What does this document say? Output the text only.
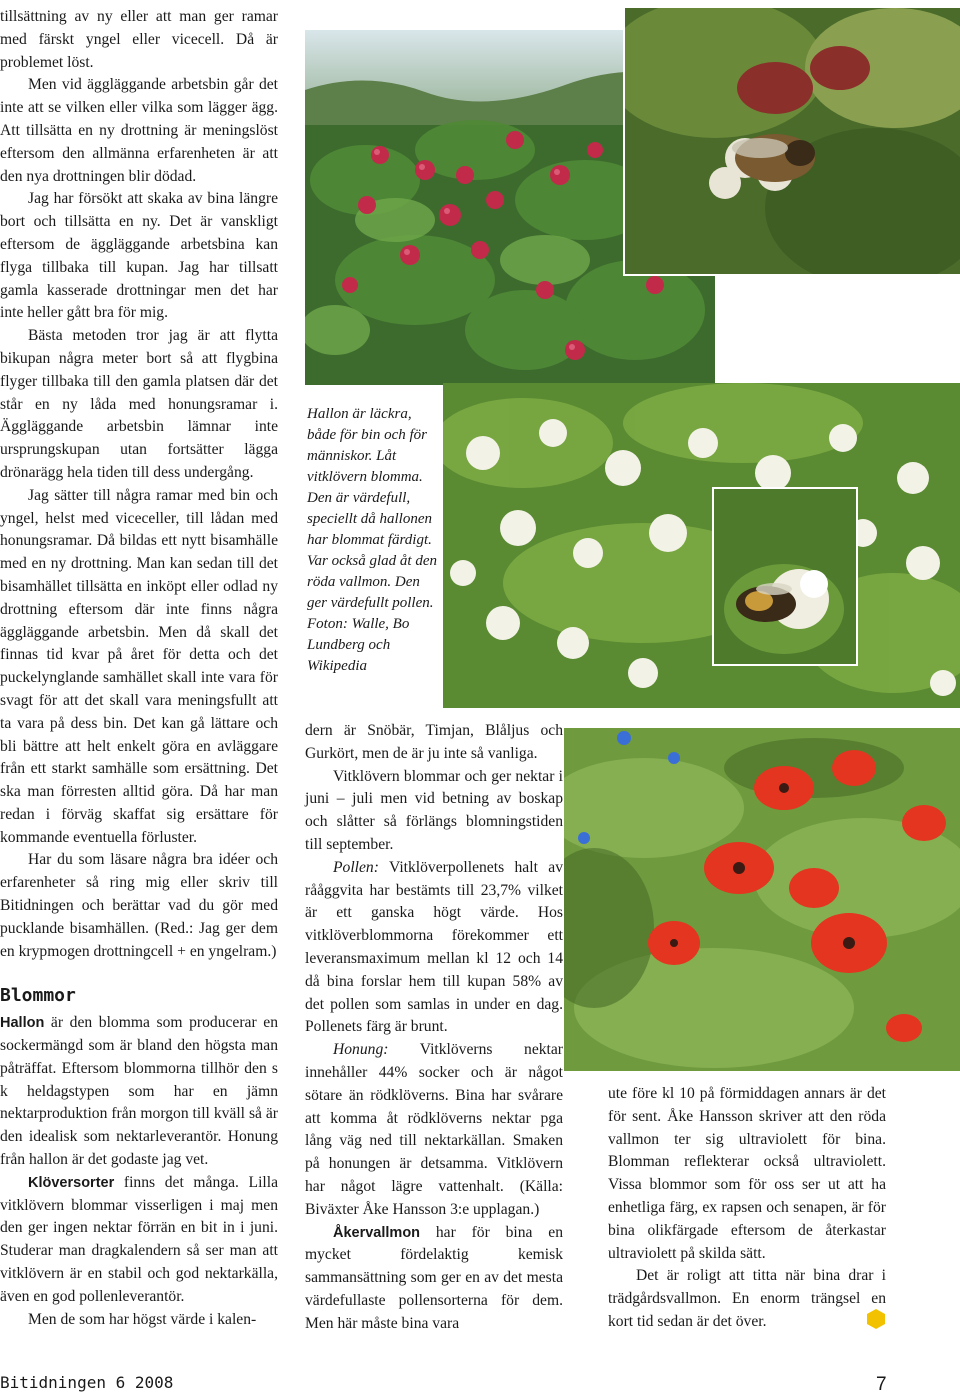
tillsättning av ny eller att man ger ramar med färskt yngel eller vicecell. Då är problemet löst.

Men vid äggläggande arbetsbin går det inte att se vilken eller vilka som lägger ägg. Att tillsätta en ny drottning är meningslöst eftersom den allmänna erfarenheten är att den nya drottningen blir dödad.

Jag har försökt att skaka av bina längre bort och tillsätta en ny. Det är vanskligt eftersom de äggläggande arbetsbina kan flyga tillbaka till kupan. Jag har tillsatt gamla kasserade drottningar men det har inte heller gått bra för mig.

Bästa metoden tror jag är att flytta bikupan några meter bort så att flygbina flyger tillbaka till den gamla platsen där det står en ny låda med honungsramar i. Äggläggande arbetsbin lämnar inte ursprungskupan utan fortsätter lägga drönarägg hela tiden till dess undergång.

Jag sätter till några ramar med bin och yngel, helst med viceceller, till lådan med honungsramar. Då bildas ett nytt bisamhälle med en ny drottning. Man kan sedan till det bisamhället tillsätta en inköpt eller odlad ny drottning eftersom där inte finns några äggläggande arbetsbin. Men då skall det finnas tid kvar på året för detta och det puckelynglande samhället skall inte vara för svagt för att det skall vara meningsfullt att ta vara på dess bin. Det kan gå lättare och bli bättre att helt enkelt göra en avläggare från ett starkt samhälle som ersättning. Det ska man förresten alltid göra. Då har man redan i förväg skaffat sig ersättare för kommande eventuella förluster.

Har du som läsare några bra idéer och erfarenheter så ring mig eller skriv till Bitidningen och berättar vad du gör med pucklande bisamhällen. (Red.: Jag ger dem en krypmogen drottningcell + en yngelram.)

Blommor

Hallon är den blomma som producerar en sockermängd som är bland den högsta man påträffat. Eftersom blommorna tillhör den s k heldagstypen som har en jämn nektarproduktion från morgon till kväll så är den idealisk som nektarleverantör. Honung från hallon är det godaste jag vet.

Klöversorter finns det många. Lilla vitklövern blommar visserligen i maj men den ger ingen nektar förrän en bit in i juni. Studerar man dragkalendern så ser man att vitklövern är en stabil och god nektarkälla, även en god pollenleverantör.

Men de som har högst värde i kalen-

Hallon är läckra, både för bin och för människor. Låt vitklövern blomma. Den är värdefull, speciellt då hallonen har blommat färdigt. Var också glad åt den röda vallmon. Den ger värdefullt pollen. Foton: Walle, Bo Lundberg och Wikipedia

dern är Snöbär, Timjan, Blåljus och Gurkört, men de är ju inte så vanliga.

Vitklövern blommar och ger nektar i juni – juli men vid betning av boskap och slåtter så förlängs blomningstiden till september.

Pollen: Vitklöverpollenets halt av rååggvita har bestämts till 23,7% vilket är ett ganska högt värde. Hos vitklöverblommorna förekommer ett leveransmaximum mellan kl 12 och 14 då bina forslar hem till kupan 58% av det pollen som samlas in under en dag. Pollenets färg är brunt.

Honung: Vitklöverns nektar innehåller 44% socker och är något sötare än rödklöverns. Bina har svårare att komma åt rödklöverns nektar pga lång väg ned till nektarkällan. Smaken på honungen är detsamma. Vitklövern har något lägre vattenhalt. (Källa: Biväxter Åke Hansson 3:e upplagan.)

Åkervallmon har för bina en mycket fördelaktig kemisk sammansättning som ger en av det mesta värdefullaste pollensorterna för dem. Men här måste bina vara

ute före kl 10 på förmiddagen annars är det för sent. Åke Hansson skriver att den röda vallmon ter sig ultraviolett för bina. Blomman reflekterar också ultraviolett. Vissa blommor som för oss ser ut att ha enhetliga färg, ex rapsen och senapen, är för bina olikfärgade eftersom de återkastar ultraviolett på skilda sätt.

Det är roligt att titta när bina drar i trädgårdsvallmon. En enorm trängsel en kort tid sedan är det över.

Bitidningen 6 2008	7
